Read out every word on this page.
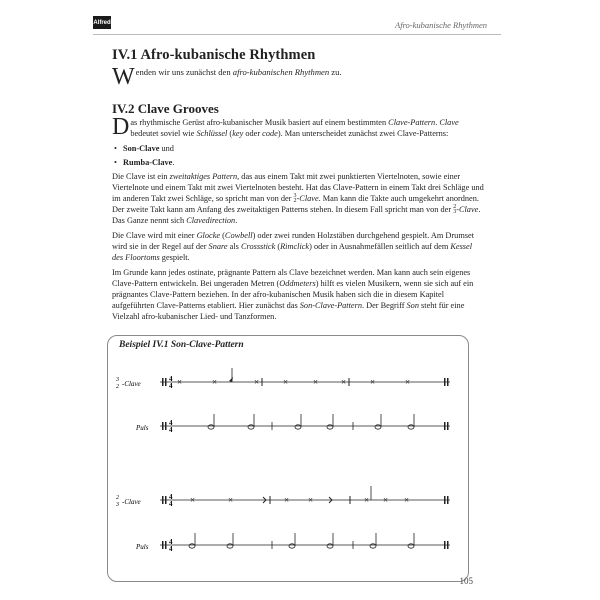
Alfred	Afro-kubanische Rhythmen
IV.1 Afro-kubanische Rhythmen
Wenden wir uns zunächst den afro-kubanischen Rhythmen zu.
IV.2 Clave Grooves

Das rhythmische Gerüst afro-kubanischer Musik basiert auf einem bestimmten Clave-Pattern. Clave bedeutet soviel wie Schlüssel (key oder code). Man unterscheidet zunächst zwei Clave-Patterns:

• Son-Clave und
• Rumba-Clave.

Die Clave ist ein zweitaktiges Pattern, das aus einem Takt mit zwei punktierten Viertelnoten, sowie einer Viertelnote und einem Takt mit zwei Viertelnoten besteht. Hat das Clave-Pattern in einem Takt drei Schläge und im anderen Takt zwei Schläge, so spricht man von der 3
2-Clave. Man kann die Takte auch umgekehrt anordnen. Der zweite Takt kann am Anfang des zweitaktigen Patterns stehen. In diesem Fall spricht man von der 2
3-Clave. Das Ganze nennt sich Clavedirection.

Die Clave wird mit einer Glocke (Cowbell) oder zwei runden Holzstäben durchgehend gespielt. Am Drumset wird sie in der Regel auf der Snare als Crossstick (Rimclick) oder in Ausnahmefällen seitlich auf dem Kessel des Floortoms gespielt.

Im Grunde kann jedes ostinate, prägnante Pattern als Clave bezeichnet werden. Man kann auch sein eigenes Clave-Pattern entwickeln. Bei ungeraden Metren (Oddmeters) hilft es vielen Musikern, wenn sie sich auf ein prägnantes Clave-Pattern beziehen. In der afro-kubanischen Musik haben sich die in diesem Kapitel aufgeführten Clave-Patterns etabliert. Hier zunächst das Son-Clave-Pattern. Der Begriff Son steht für eine Vielzahl afro-kubanischer Lied- und Tanzformen.

Beispiel IV.1 Son-Clave-Pattern
3
2 -Clave
4
4 ×	×	×	×	×	×	×	×
Puls
4
4
2
3 -Clave
4
4 ×	×	× ×	× × ×
Puls
4
4
105
